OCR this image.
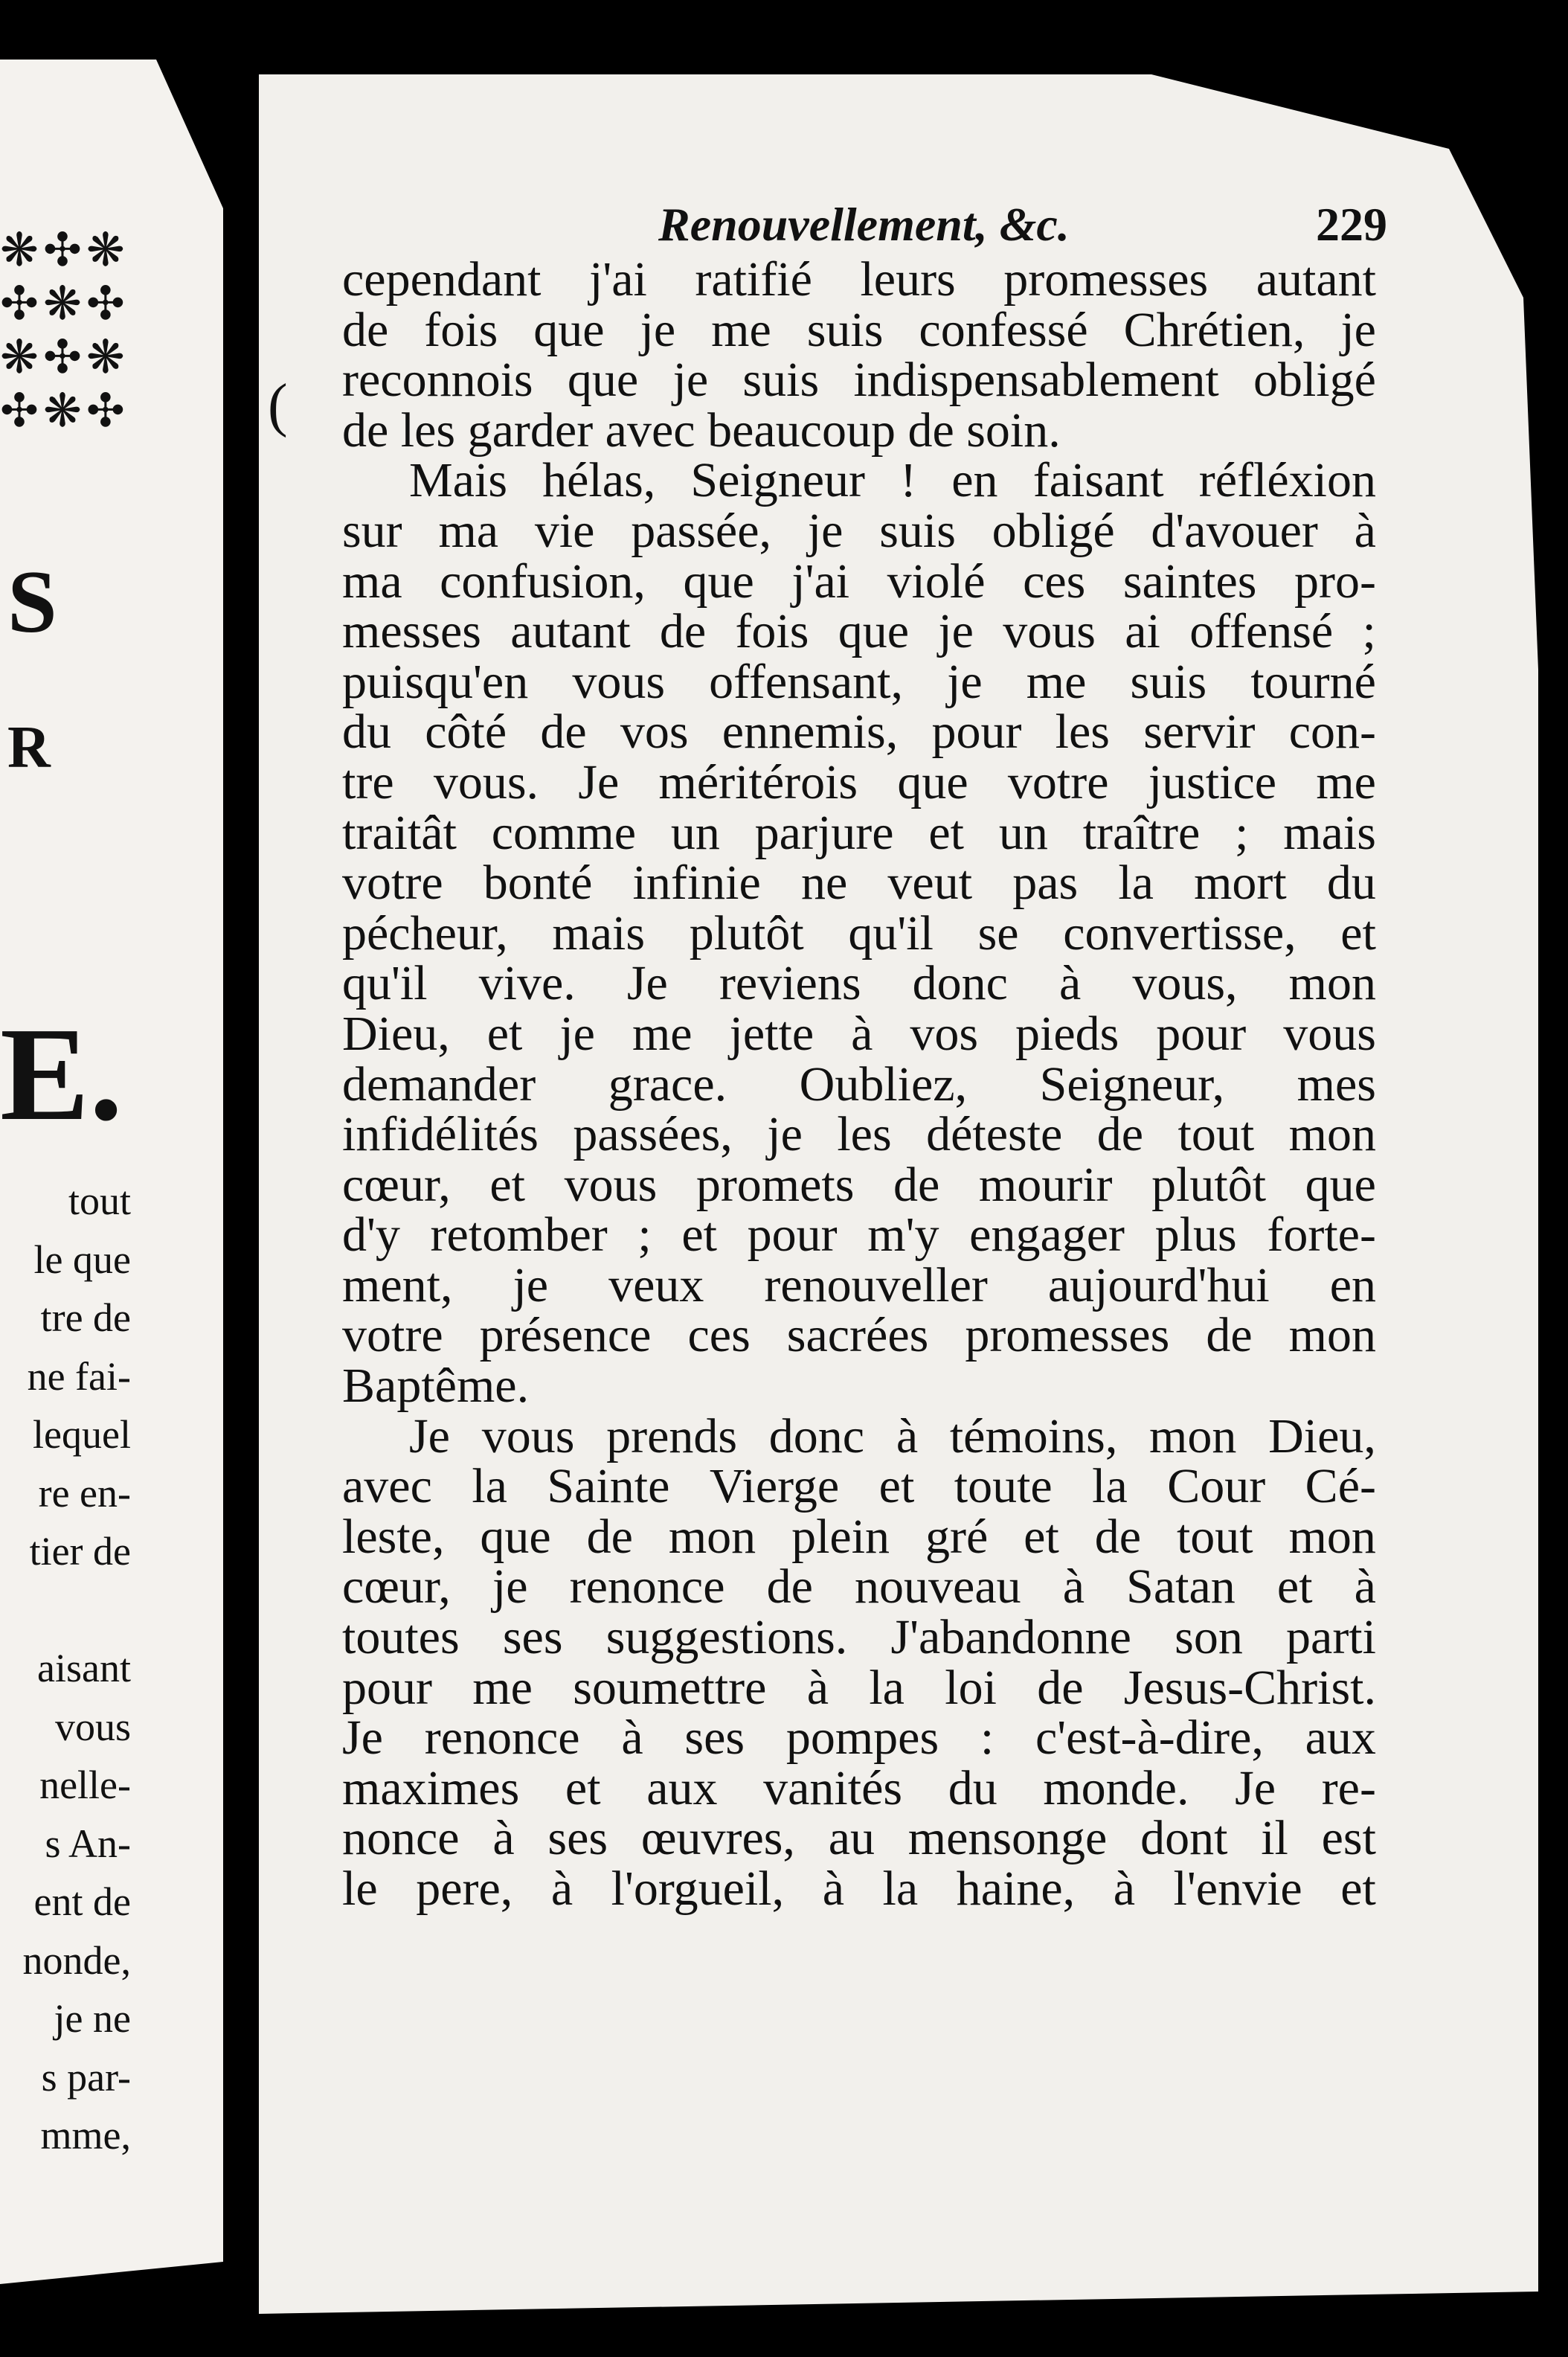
❋✣❋
✣❋✣
❋✣❋
✣❋✣
S
R
E.
tout
le que
tre de
ne fai-
lequel
re en-
tier de
aisant
vous
nelle-
s An-
ent de
nonde,
je ne
s par-
mme,
(
Renouvellement, &c.	229
cependant j'ai ratifié leurs promesses autant
de fois que je me suis confessé Chrétien, je
reconnois que je suis indispensablement obligé
de les garder avec beaucoup de soin.
Mais hélas, Seigneur ! en faisant réfléxion
sur ma vie passée, je suis obligé d'avouer à
ma confusion, que j'ai violé ces saintes pro-
messes autant de fois que je vous ai offensé ;
puisqu'en vous offensant, je me suis tourné
du côté de vos ennemis, pour les servir con-
tre vous. Je méritérois que votre justice me
traitât comme un parjure et un traître ; mais
votre bonté infinie ne veut pas la mort du
pécheur, mais plutôt qu'il se convertisse, et
qu'il vive. Je reviens donc à vous, mon
Dieu, et je me jette à vos pieds pour vous
demander grace. Oubliez, Seigneur, mes
infidélités passées, je les déteste de tout mon
cœur, et vous promets de mourir plutôt que
d'y retomber ; et pour m'y engager plus forte-
ment, je veux renouveller aujourd'hui en
votre présence ces sacrées promesses de mon
Baptême.
Je vous prends donc à témoins, mon Dieu,
avec la Sainte Vierge et toute la Cour Cé-
leste, que de mon plein gré et de tout mon
cœur, je renonce de nouveau à Satan et à
toutes ses suggestions. J'abandonne son parti
pour me soumettre à la loi de Jesus-Christ.
Je renonce à ses pompes : c'est-à-dire, aux
maximes et aux vanités du monde. Je re-
nonce à ses œuvres, au mensonge dont il est
le pere, à l'orgueil, à la haine, à l'envie et
